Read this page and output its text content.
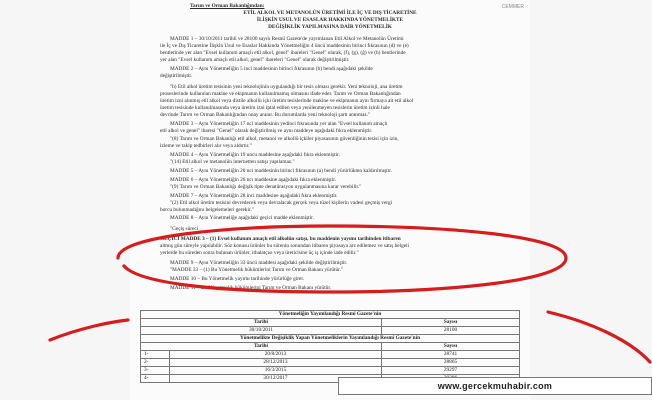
CEMMER
Tarım ve Orman Bakanlığından:
ETİL ALKOL VE METANOLÜN ÜRETİMİ İLE İÇ VE DIŞ TİCARETİNE
İLİŞKİN USUL VE ESASLAR HAKKINDA YÖNETMELİKTE
DEĞİŞİKLİK YAPILMASINA DAİR YÖNETMELİK
MADDE 1 – 30/10/2011 tarihli ve 28100 sayılı Resmî Gazete'de yayımlanan Etil Alkol ve Metanolün Üretimi
ile İç ve Dış Ticaretine İlişkin Usul ve Esaslar Hakkında Yönetmeliğin 4 üncü maddesinin birinci fıkrasının (d) ve (e)
bentlerinde yer alan "Evsel kullanım amaçlı etil alkol, genel" ibareleri "Genel" olarak, (f), (g), (ğ) ve (h) bentlerinde
yer alan "Evsel kullanım amaçlı etil alkol, genel" ibareleri "Genel" olarak değiştirilmiştir.
MADDE 2 – Aynı Yönetmeliğin 5 inci maddesinin birinci fıkrasının (b) bendi aşağıdaki şekilde
değiştirilmiştir.
"b) Etil alkol üretim tesisinin yeni teknolojinin uygulandığı bir tesis olması gerekir. Yeni teknoloji, ana üretim
proseslerinde kullanılan makine ve ekipmanın kullanılmamış olmasını ifade eder. Tarım ve Orman Bakanlığından
üretim izni alınmış etil alkol veya distile alkollü içki üretim tesislerinde makine ve ekipmanın aynı firmaya ait etil alkol
üretim tesisinde kullanılmasında veya üretim izni iptal edilen veya yenilenmeyen tesislerin üretim izinli hale
devrinde Tarım ve Orman Bakanlığından onay aranır. Bu durumlarda yeni teknoloji şartı aranmaz."
MADDE 3 – Aynı Yönetmeliğin 17 nci maddesinin yedinci fıkrasında yer alan "Evsel kullanım amaçlı
etil alkol ve genel" ibaresi "Genel" olarak değiştirilmiş ve aynı maddeye aşağıdaki fıkra eklenmiştir.
"(8) Tarım ve Orman Bakanlığı etil alkol, metanol ve alkollü içkiler piyasasının güvenliğinin tesisi için izin,
izleme ve takip tedbirleri alır veya aldırtır."
MADDE 4 – Aynı Yönetmeliğin 19 uncu maddesine aşağıdaki fıkra eklenmiştir.
"(14) Etil alkol ve metanolün internetten satışı yapılamaz."
MADDE 5 – Aynı Yönetmeliğin 20 nci maddesinin birinci fıkrasının (a) bendi yürürlükten kaldırılmıştır.
MADDE 6 – Aynı Yönetmeliğin 26 ncı maddesine aşağıdaki fıkra eklenmiştir.
"(9) Tarım ve Orman Bakanlığı değişik tipte denatürasyon uygulanmasına karar verebilir."
MADDE 7 – Aynı Yönetmeliğin 28 inci maddesine aşağıdaki fıkra eklenmiştir.
"(2) Etil alkol üretim tesisini devredecek veya devralacak gerçek veya tüzel kişilerin vadesi geçmiş vergi
borcu bulunmadığını belgelemeleri gerekir."
MADDE 8 – Aynı Yönetmeliğe aşağıdaki geçici madde eklenmiştir.
"Geçiş süreci
GEÇİCİ MADDE 3 – (1) Evsel kullanım amaçlı etil alkolün satışı, bu maddenin yayımı tarihinden itibaren
altmış gün süreyle yapılabilir. Söz konusu ürünler bu sürenin sonundan itibaren piyasaya arz edilemez ve satış belgeli
yerlerde bu süreden sonra bulunan ürünler, ithalatçısı veya üreticisine üç iş içinde iade edilir."
MADDE 9 – Aynı Yönetmeliğin 33 üncü maddesi aşağıdaki şekilde değiştirilmiştir.
"MADDE 33 – (1) Bu Yönetmelik hükümlerini Tarım ve Orman Bakanı yürütür."
MADDE 10 – Bu Yönetmelik yayımı tarihinde yürürlüğe girer.
MADDE 11 – Bu Yönetmelik hükümlerini Tarım ve Orman Bakanı yürütür.
Yönetmeliğin Yayımlandığı Resmî Gazete'nin		
Tarihi		Sayısı
30/10/2011		28100
Yönetmelikte Değişiklik Yapan Yönetmeliklerin Yayımlandığı Resmî Gazete'nin		
Tarihi		Sayısı
1-	20/8/2013	28741
2-	28/12/2013	28865
3-	16/3/2015	29297
4-	30/12/2017	
www.gercekmuhabir.com
